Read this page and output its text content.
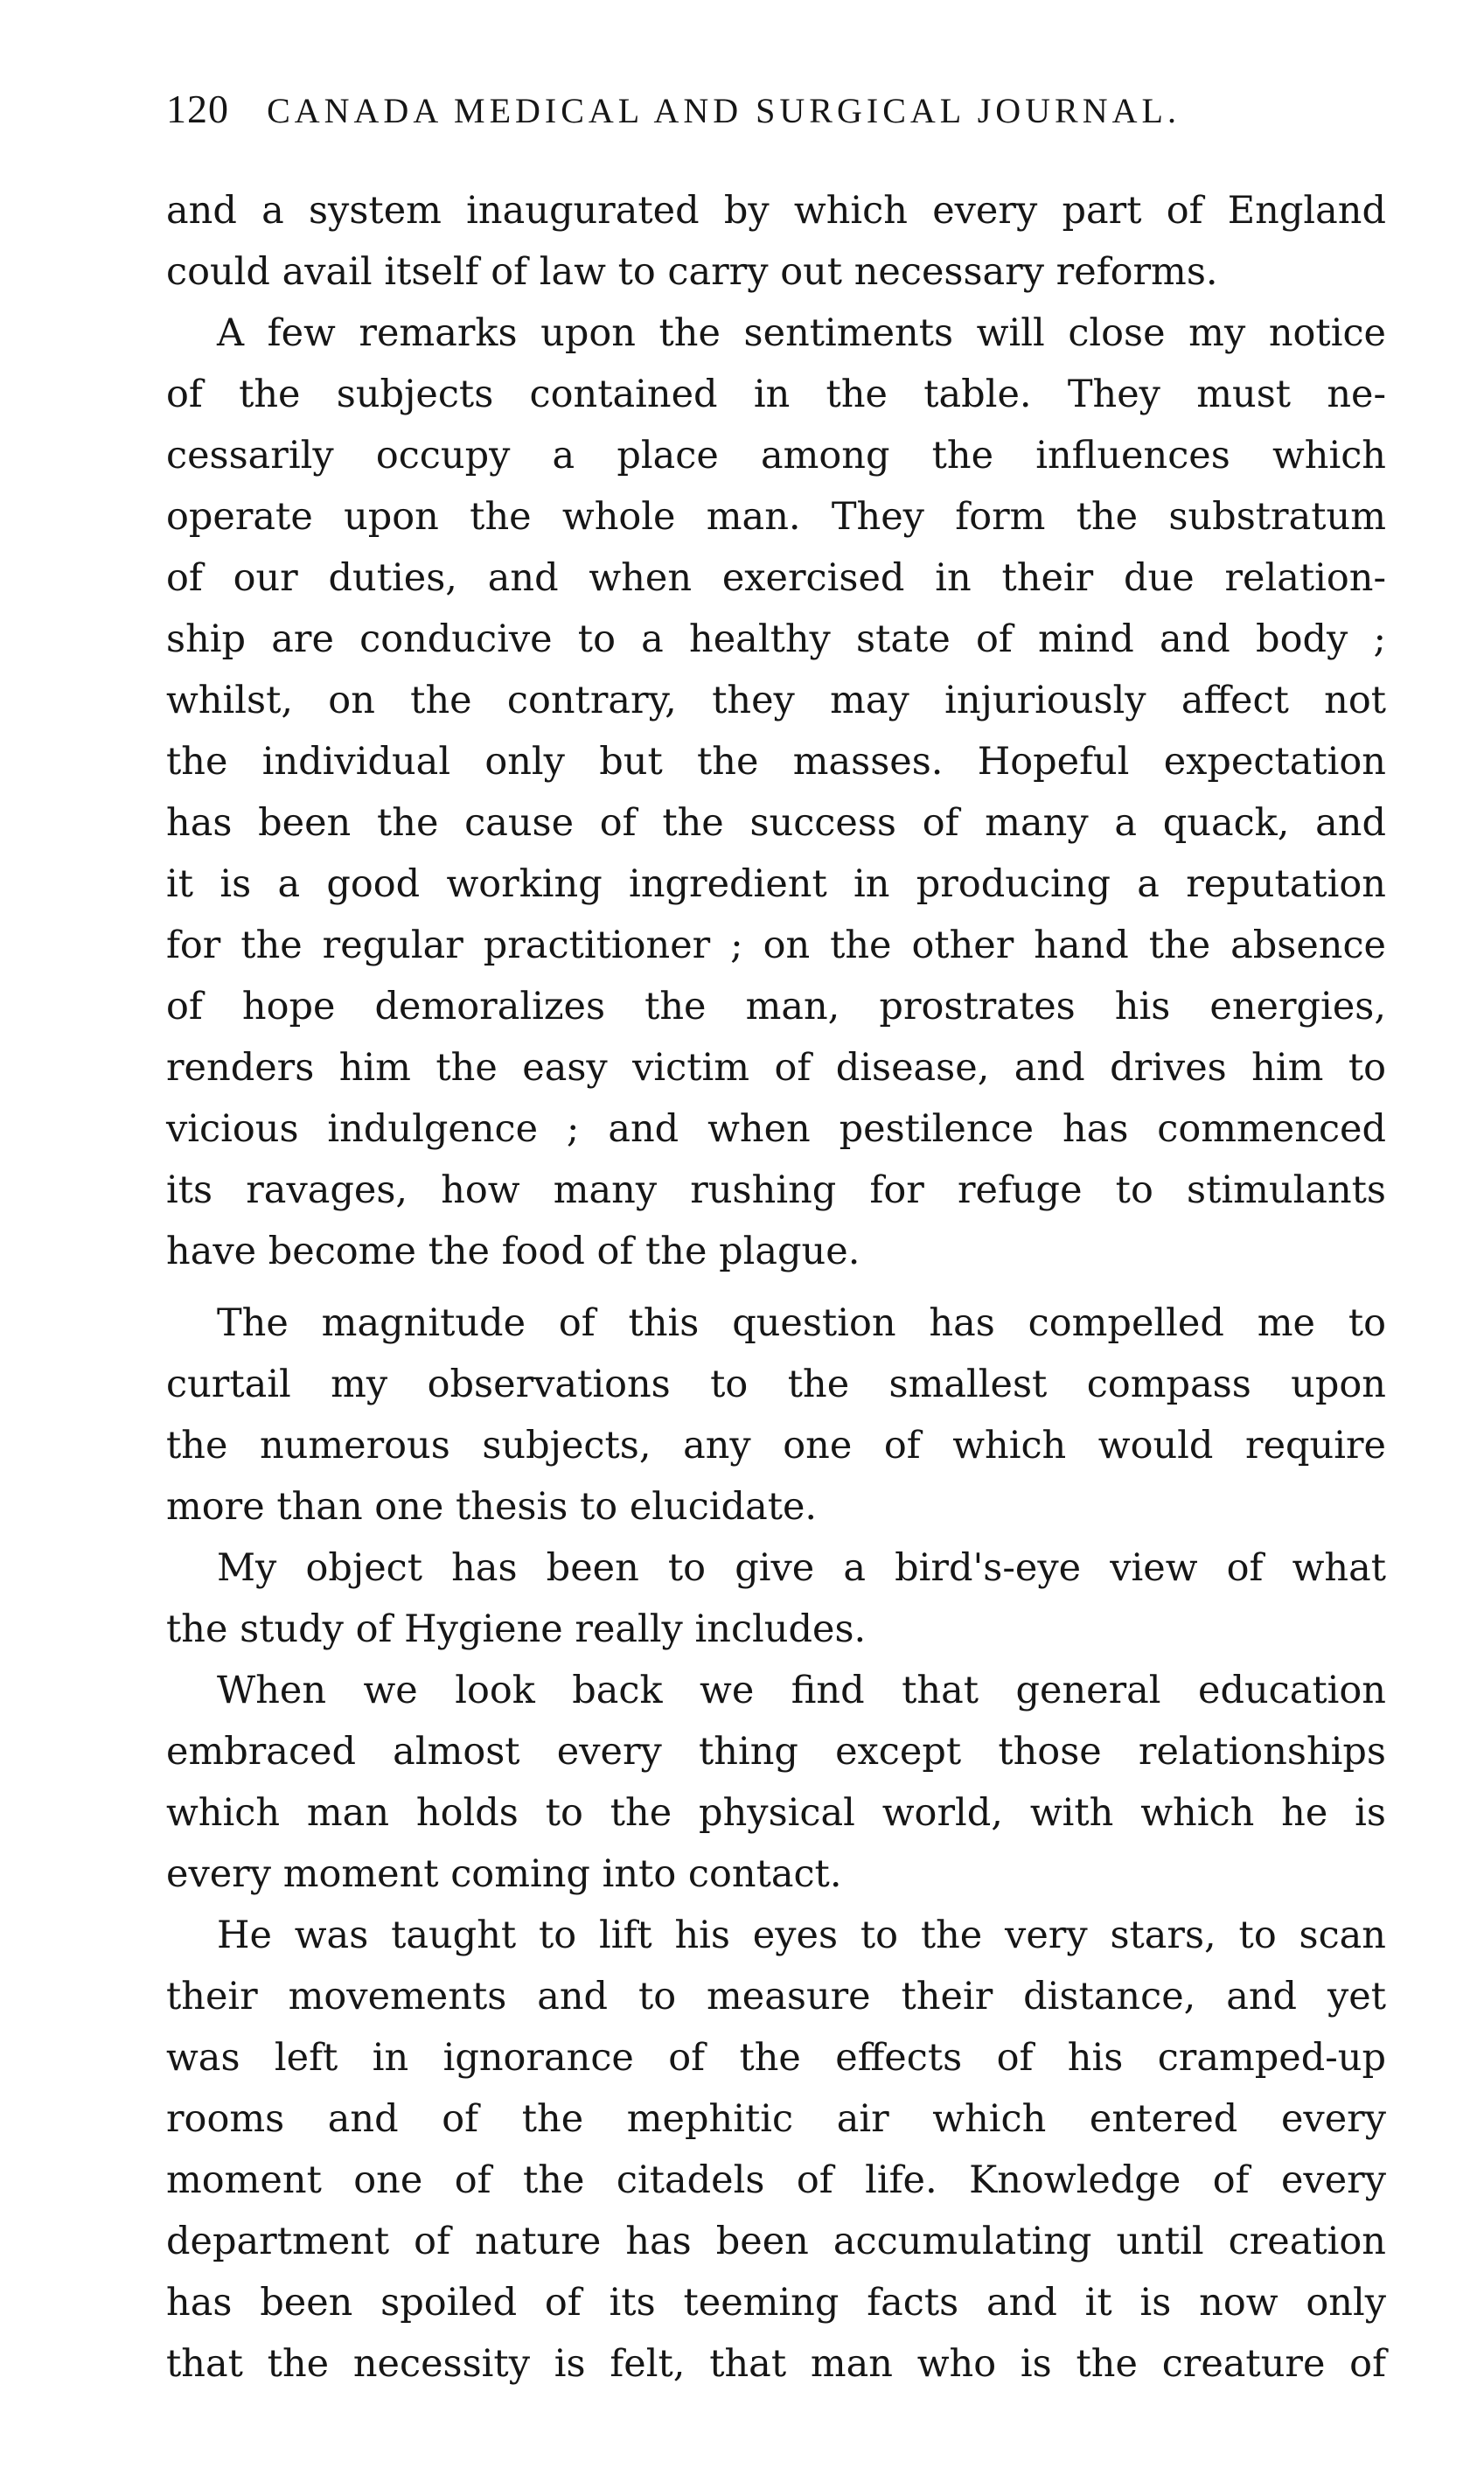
120 CANADA MEDICAL AND SURGICAL JOURNAL.
and a system inaugurated by which every part of England
could avail itself of law to carry out necessary reforms.
A few remarks upon the sentiments will close my notice
of the subjects contained in the table. They must ne-
cessarily occupy a place among the influences which
operate upon the whole man. They form the substratum
of our duties, and when exercised in their due relation-
ship are conducive to a healthy state of mind and body ;
whilst, on the contrary, they may injuriously affect not
the individual only but the masses. Hopeful expectation
has been the cause of the success of many a quack, and
it is a good working ingredient in producing a reputation
for the regular practitioner ; on the other hand the absence
of hope demoralizes the man, prostrates his energies,
renders him the easy victim of disease, and drives him to
vicious indulgence ; and when pestilence has commenced
its ravages, how many rushing for refuge to stimulants
have become the food of the plague.
The magnitude of this question has compelled me to
curtail my observations to the smallest compass upon
the numerous subjects, any one of which would require
more than one thesis to elucidate.
My object has been to give a bird's-eye view of what
the study of Hygiene really includes.
When we look back we find that general education
embraced almost every thing except those relationships
which man holds to the physical world, with which he is
every moment coming into contact.
He was taught to lift his eyes to the very stars, to scan
their movements and to measure their distance, and yet
was left in ignorance of the effects of his cramped-up
rooms and of the mephitic air which entered every
moment one of the citadels of life. Knowledge of every
department of nature has been accumulating until creation
has been spoiled of its teeming facts and it is now only
that the necessity is felt, that man who is the creature of
